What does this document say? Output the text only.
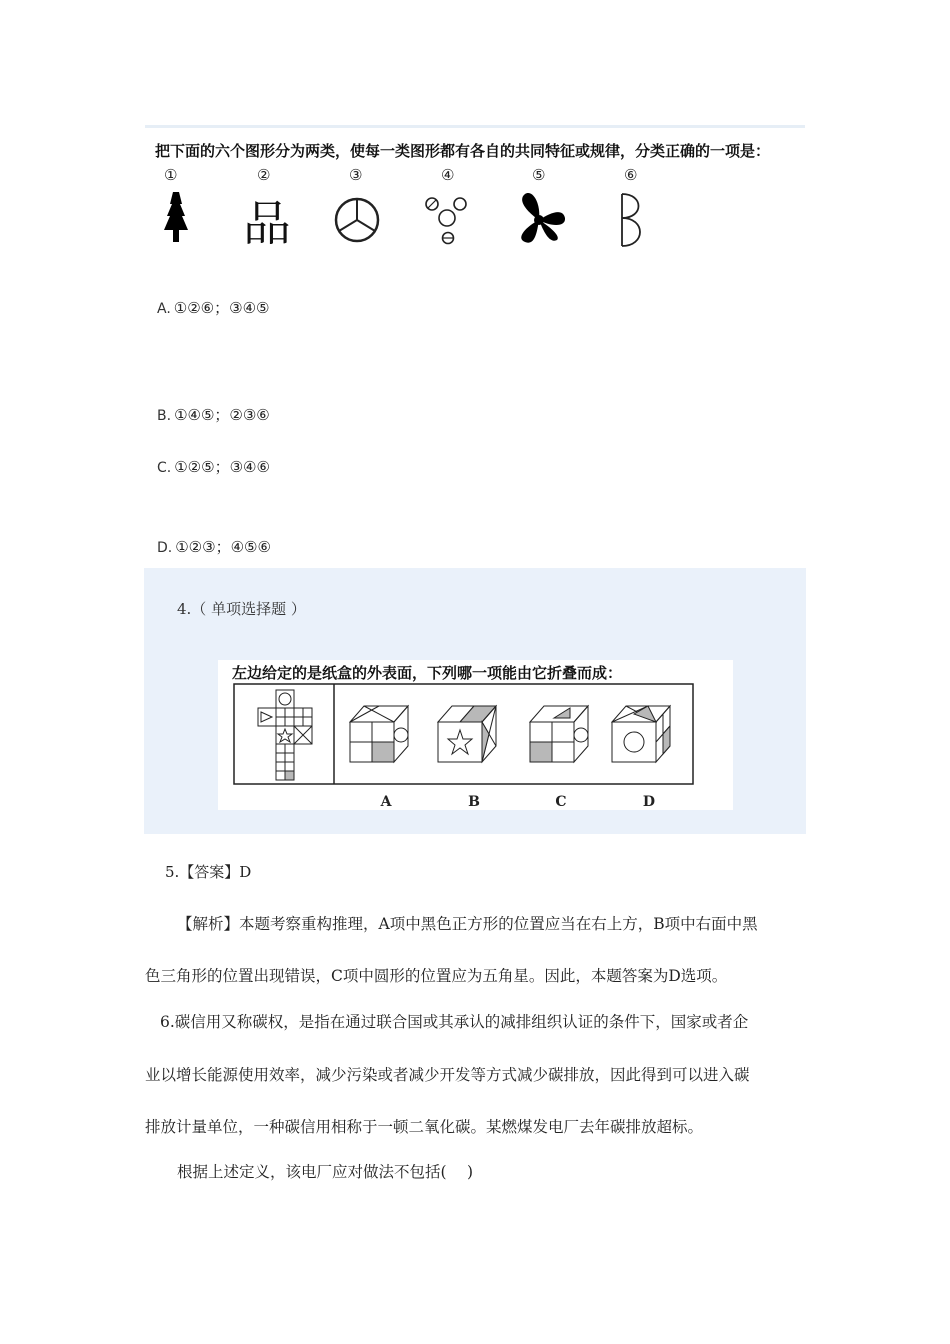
把下面的六个图形分为两类，使每一类图形都有各自的共同特征或规律，分类正确的一项是：
①	②	③	④	⑤	⑥
品
A. ①②⑥；③④⑤
B. ①④⑤；②③⑥
C. ①②⑤；③④⑥
D. ①②③；④⑤⑥
4.（ 单项选择题 ）
左边给定的是纸盒的外表面，下列哪一项能由它折叠而成：
A	B	C	D
5.【答案】D
【解析】本题考察重构推理，A项中黑色正方形的位置应当在右上方，B项中右面中黑
色三角形的位置出现错误，C项中圆形的位置应为五角星。因此，本题答案为D选项。
6.碳信用又称碳权，是指在通过联合国或其承认的减排组织认证的条件下，国家或者企
业以增长能源使用效率，减少污染或者减少开发等方式减少碳排放，因此得到可以进入碳
排放计量单位，一种碳信用相称于一顿二氧化碳。某燃煤发电厂去年碳排放超标。
根据上述定义，该电厂应对做法不包括(　 )
